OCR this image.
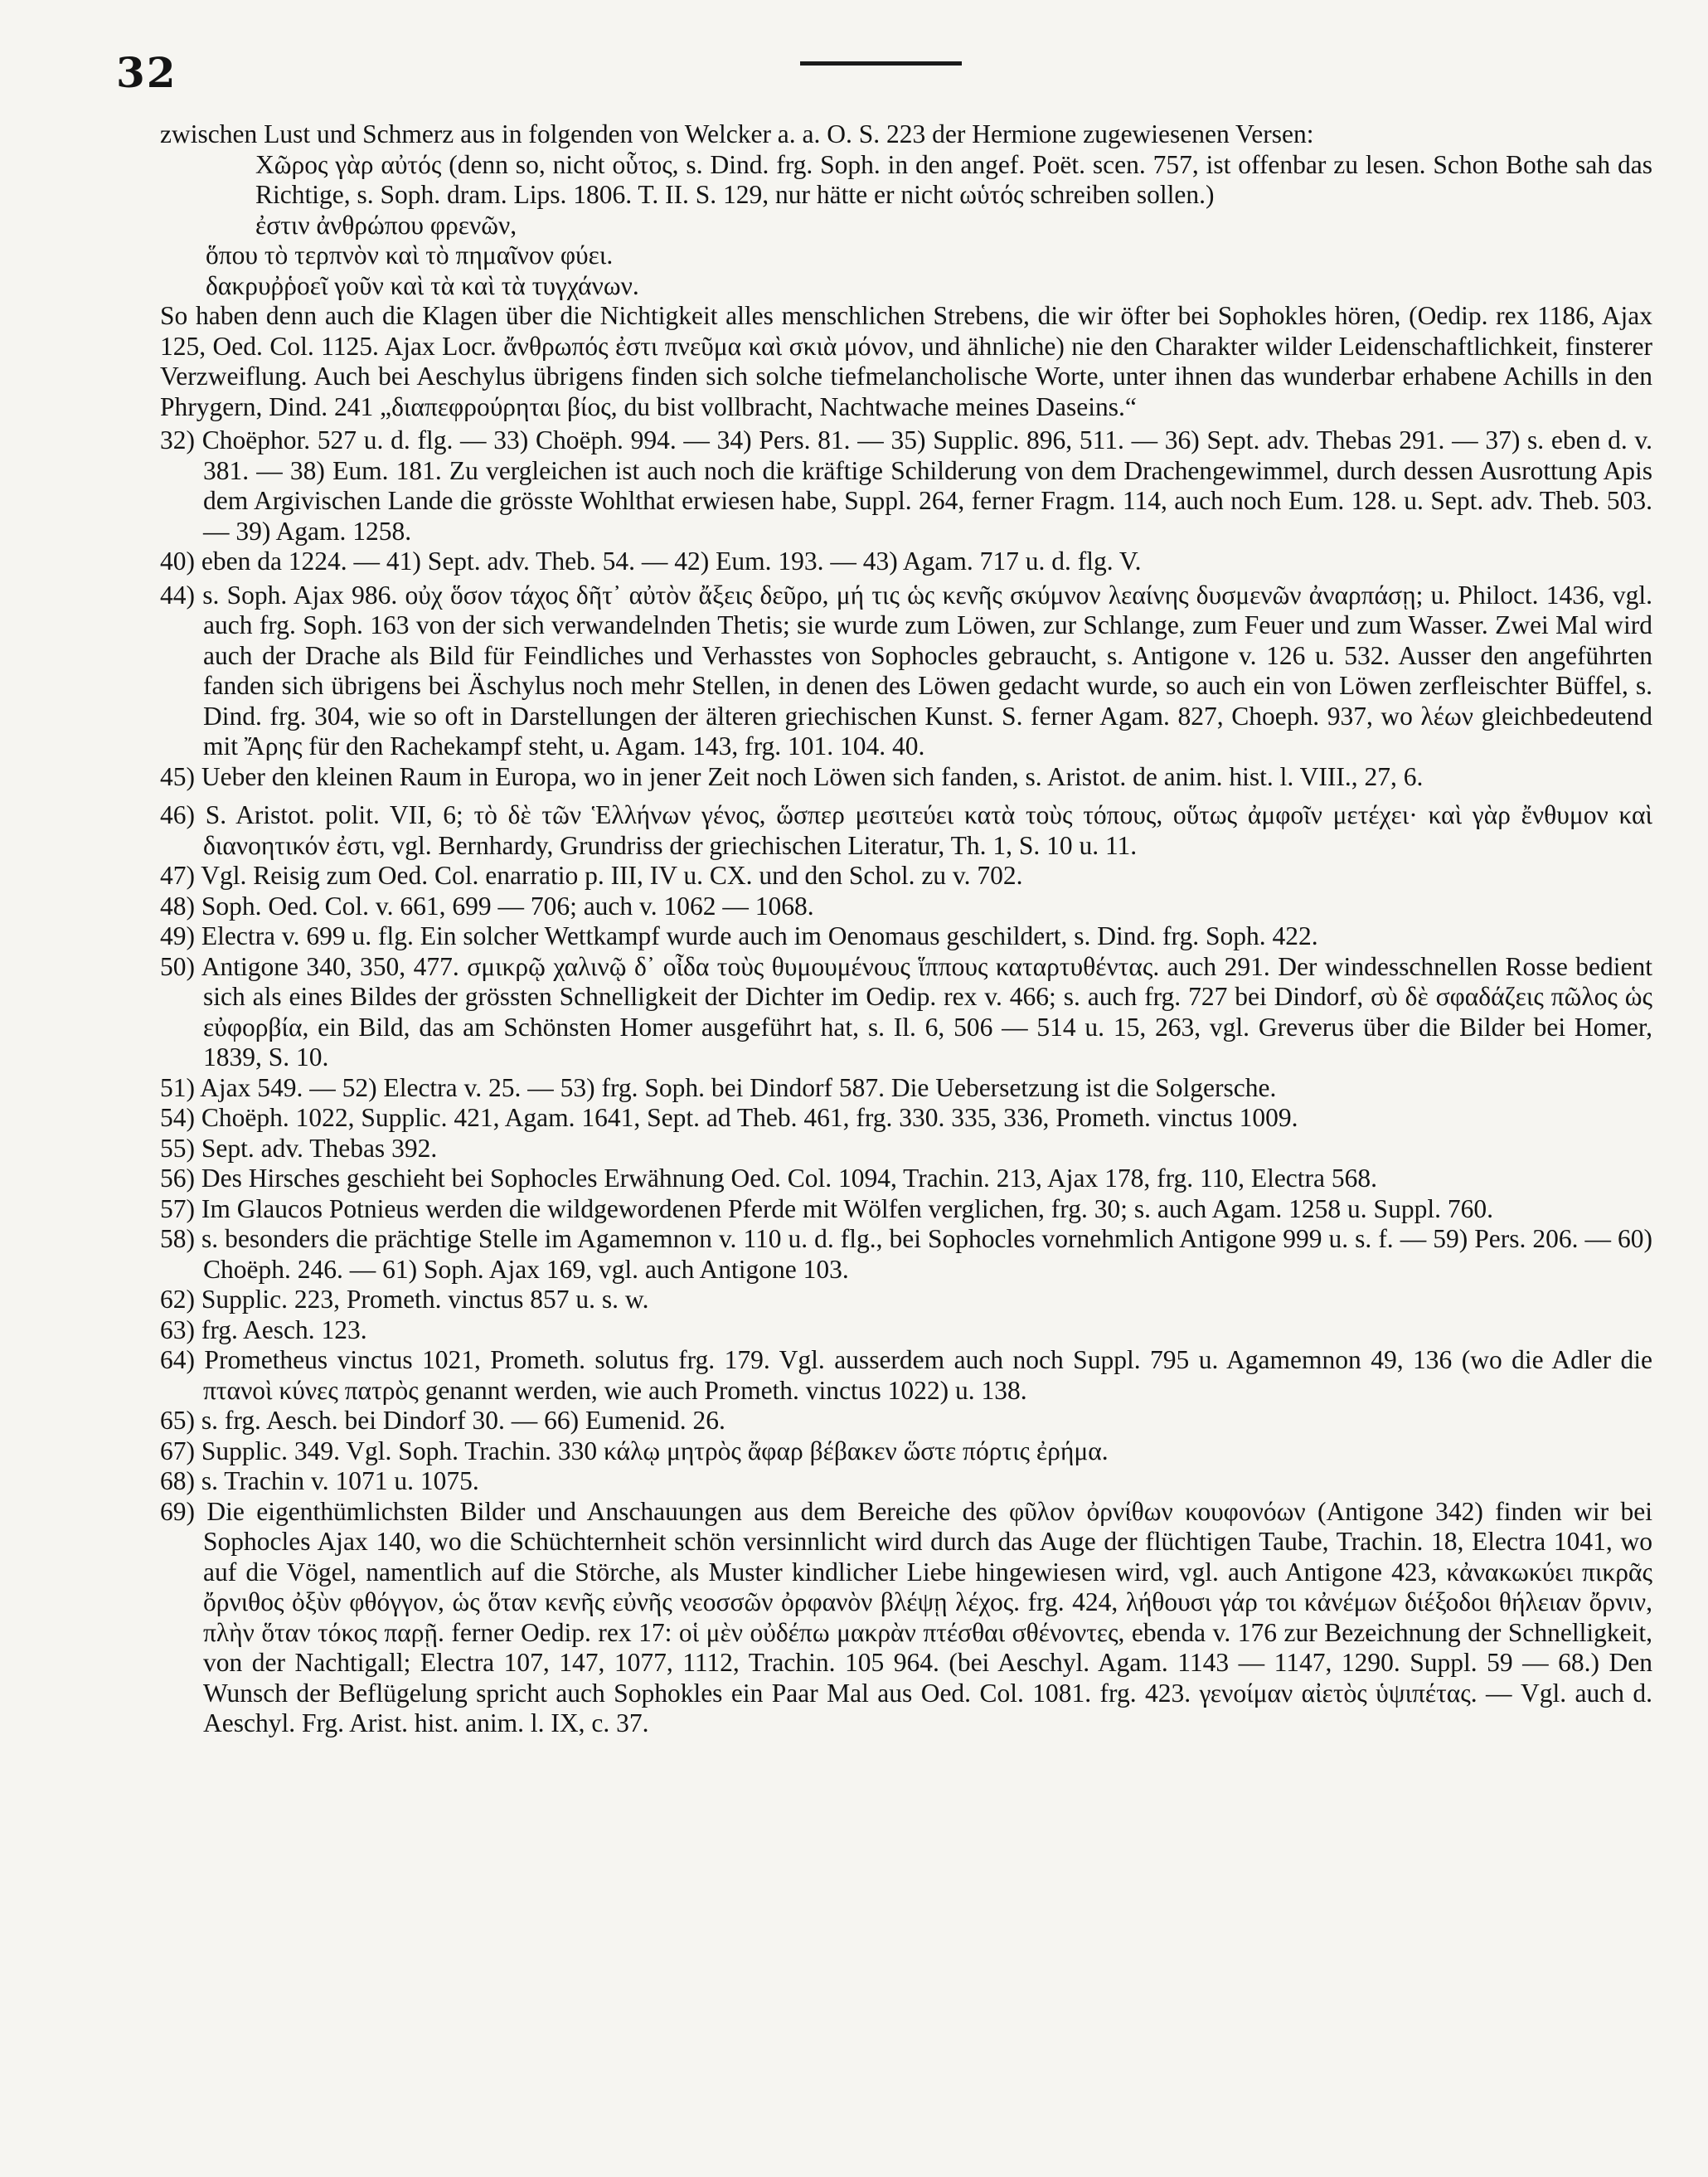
32

zwischen Lust und Schmerz aus in folgenden von Welcker a. a. O. S. 223 der Hermione zugewiesenen Versen:

Χῶρος γὰρ αὐτός (denn so, nicht οὗτος, s. Dind. frg. Soph. in den angef. Poët. scen. 757, ist offenbar zu lesen. Schon Bothe sah das Richtige, s. Soph. dram. Lips. 1806. T. II. S. 129, nur hätte er nicht ωὑτός schreiben sollen.)

ἐστιν ἀνθρώπου φρενῶν,

ὅπου τὸ τερπνὸν καὶ τὸ πημαῖνον φύει.

δακρυῤῥοεῖ γοῦν καὶ τὰ καὶ τὰ τυγχάνων.

So haben denn auch die Klagen über die Nichtigkeit alles menschlichen Strebens, die wir öfter bei Sophokles hören, (Oedip. rex 1186, Ajax 125, Oed. Col. 1125. Ajax Locr. ἄνθρωπός ἐστι πνεῦμα καὶ σκιὰ μόνον, und ähnliche) nie den Charakter wilder Leidenschaftlichkeit, finsterer Verzweiflung. Auch bei Aeschylus übrigens finden sich solche tiefmelancholische Worte, unter ihnen das wunderbar erhabene Achills in den Phrygern, Dind. 241 „διαπεφρούρηται βίος, du bist vollbracht, Nachtwache meines Daseins.“

32) Choëphor. 527 u. d. flg. — 33) Choëph. 994. — 34) Pers. 81. — 35) Supplic. 896, 511. — 36) Sept. adv. Thebas 291. — 37) s. eben d. v. 381. — 38) Eum. 181. Zu vergleichen ist auch noch die kräftige Schilderung von dem Drachengewimmel, durch dessen Ausrottung Apis dem Argivischen Lande die grösste Wohlthat erwiesen habe, Suppl. 264, ferner Fragm. 114, auch noch Eum. 128. u. Sept. adv. Theb. 503. — 39) Agam. 1258.

40) eben da 1224. — 41) Sept. adv. Theb. 54. — 42) Eum. 193. — 43) Agam. 717 u. d. flg. V.

44) s. Soph. Ajax 986. οὐχ ὅσον τάχος δῆτ᾽ αὐτὸν ἄξεις δεῦρο, μή τις ὡς κενῆς σκύμνον λεαίνης δυσμενῶν ἀναρπάσῃ; u. Philoct. 1436, vgl. auch frg. Soph. 163 von der sich verwandelnden Thetis; sie wurde zum Löwen, zur Schlange, zum Feuer und zum Wasser. Zwei Mal wird auch der Drache als Bild für Feindliches und Verhasstes von Sophocles gebraucht, s. Antigone v. 126 u. 532. Ausser den angeführten fanden sich übrigens bei Äschylus noch mehr Stellen, in denen des Löwen gedacht wurde, so auch ein von Löwen zerfleischter Büffel, s. Dind. frg. 304, wie so oft in Darstellungen der älteren griechischen Kunst. S. ferner Agam. 827, Choeph. 937, wo λέων gleichbedeutend mit Ἄρης für den Rachekampf steht, u. Agam. 143, frg. 101. 104. 40.

45) Ueber den kleinen Raum in Europa, wo in jener Zeit noch Löwen sich fanden, s. Aristot. de anim. hist. l. VIII., 27, 6.

46) S. Aristot. polit. VII, 6; τὸ δὲ τῶν Ἑλλήνων γένος, ὥσπερ μεσιτεύει κατὰ τοὺς τόπους, οὕτως ἀμφοῖν μετέχει· καὶ γὰρ ἔνθυμον καὶ διανοητικόν ἐστι, vgl. Bernhardy, Grundriss der griechischen Literatur, Th. 1, S. 10 u. 11.

47) Vgl. Reisig zum Oed. Col. enarratio p. III, IV u. CX. und den Schol. zu v. 702.

48) Soph. Oed. Col. v. 661, 699 — 706; auch v. 1062 — 1068.

49) Electra v. 699 u. flg. Ein solcher Wettkampf wurde auch im Oenomaus geschildert, s. Dind. frg. Soph. 422.

50) Antigone 340, 350, 477. σμικρῷ χαλινῷ δ᾽ οἶδα τοὺς θυμουμένους ἵππους καταρτυθέντας. auch 291. Der windesschnellen Rosse bedient sich als eines Bildes der grössten Schnelligkeit der Dichter im Oedip. rex v. 466; s. auch frg. 727 bei Dindorf, σὺ δὲ σφαδάζεις πῶλος ὡς εὐφορβία, ein Bild, das am Schönsten Homer ausgeführt hat, s. Il. 6, 506 — 514 u. 15, 263, vgl. Greverus über die Bilder bei Homer, 1839, S. 10.

51) Ajax 549. — 52) Electra v. 25. — 53) frg. Soph. bei Dindorf 587. Die Uebersetzung ist die Solgersche.

54) Choëph. 1022, Supplic. 421, Agam. 1641, Sept. ad Theb. 461, frg. 330. 335, 336, Prometh. vinctus 1009.

55) Sept. adv. Thebas 392.

56) Des Hirsches geschieht bei Sophocles Erwähnung Oed. Col. 1094, Trachin. 213, Ajax 178, frg. 110, Electra 568.

57) Im Glaucos Potnieus werden die wildgewordenen Pferde mit Wölfen verglichen, frg. 30; s. auch Agam. 1258 u. Suppl. 760.

58) s. besonders die prächtige Stelle im Agamemnon v. 110 u. d. flg., bei Sophocles vornehmlich Antigone 999 u. s. f. — 59) Pers. 206. — 60) Choëph. 246. — 61) Soph. Ajax 169, vgl. auch Antigone 103.

62) Supplic. 223, Prometh. vinctus 857 u. s. w.

63) frg. Aesch. 123.

64) Prometheus vinctus 1021, Prometh. solutus frg. 179. Vgl. ausserdem auch noch Suppl. 795 u. Agamemnon 49, 136 (wo die Adler die πτανοὶ κύνες πατρὸς genannt werden, wie auch Prometh. vinctus 1022) u. 138.

65) s. frg. Aesch. bei Dindorf 30. — 66) Eumenid. 26.

67) Supplic. 349. Vgl. Soph. Trachin. 330 κάλῳ μητρὸς ἄφαρ βέβακεν ὥστε πόρτις ἐρήμα.

68) s. Trachin v. 1071 u. 1075.

69) Die eigenthümlichsten Bilder und Anschauungen aus dem Bereiche des φῦλον ὀρνίθων κουφονόων (Antigone 342) finden wir bei Sophocles Ajax 140, wo die Schüchternheit schön versinnlicht wird durch das Auge der flüchtigen Taube, Trachin. 18, Electra 1041, wo auf die Vögel, namentlich auf die Störche, als Muster kindlicher Liebe hingewiesen wird, vgl. auch Antigone 423, κἀνακωκύει πικρᾶς ὄρνιθος ὀξὺν φθόγγον, ὡς ὅταν κενῆς εὐνῆς νεοσσῶν ὀρφανὸν βλέψῃ λέχος. frg. 424, λήθουσι γάρ τοι κἀνέμων διέξοδοι θήλειαν ὄρνιν, πλὴν ὅταν τόκος παρῇ. ferner Oedip. rex 17: οἱ μὲν οὐδέπω μακρὰν πτέσθαι σθένοντες, ebenda v. 176 zur Bezeichnung der Schnelligkeit, von der Nachtigall; Electra 107, 147, 1077, 1112, Trachin. 105 964. (bei Aeschyl. Agam. 1143 — 1147, 1290. Suppl. 59 — 68.) Den Wunsch der Beflügelung spricht auch Sophokles ein Paar Mal aus Oed. Col. 1081. frg. 423. γενοίμαν αἰετὸς ὑψιπέτας. — Vgl. auch d. Aeschyl. Frg. Arist. hist. anim. l. IX, c. 37.
